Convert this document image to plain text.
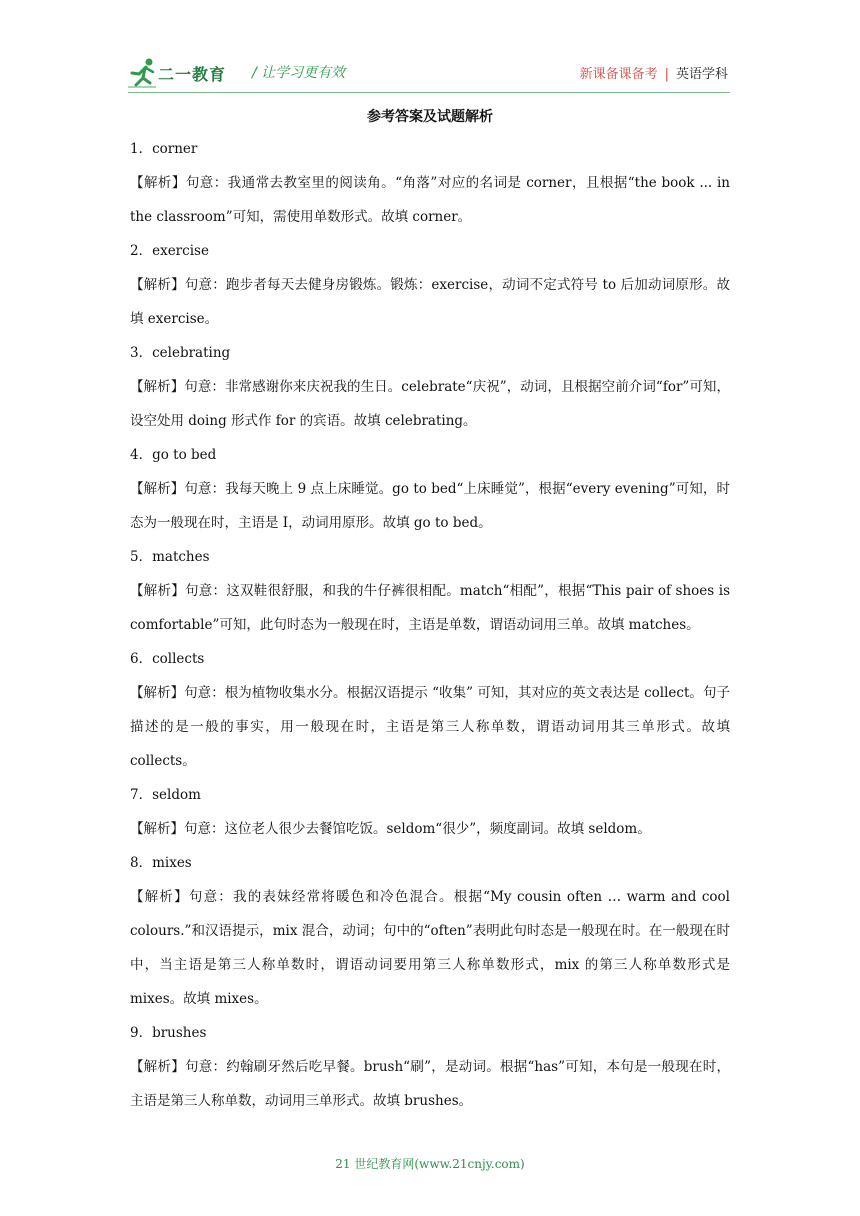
二一教育 / 让学习更有效	新课备课备考 | 英语学科
参考答案及试题解析

1．corner

【解析】句意：我通常去教室里的阅读角。“角落”对应的名词是 corner，且根据“the book ... in the classroom”可知，需使用单数形式。故填 corner。

2．exercise

【解析】句意：跑步者每天去健身房锻炼。锻炼：exercise，动词不定式符号 to 后加动词原形。故填 exercise。

3．celebrating

【解析】句意：非常感谢你来庆祝我的生日。celebrate“庆祝”，动词，且根据空前介词“for”可知，设空处用 doing 形式作 for 的宾语。故填 celebrating。

4．go to bed

【解析】句意：我每天晚上 9 点上床睡觉。go to bed“上床睡觉”，根据“every evening”可知，时态为一般现在时，主语是 I，动词用原形。故填 go to bed。

5．matches

【解析】句意：这双鞋很舒服，和我的牛仔裤很相配。match“相配”，根据“This pair of shoes is comfortable”可知，此句时态为一般现在时，主语是单数，谓语动词用三单。故填 matches。

6．collects

【解析】句意：根为植物收集水分。根据汉语提示 “收集” 可知，其对应的英文表达是 collect。句子描述的是一般的事实，用一般现在时，主语是第三人称单数，谓语动词用其三单形式。故填 collects。

7．seldom

【解析】句意：这位老人很少去餐馆吃饭。seldom“很少”，频度副词。故填 seldom。

8．mixes

【解析】句意：我的表妹经常将暖色和冷色混合。根据“My cousin often … warm and cool colours.”和汉语提示，mix 混合，动词；句中的“often”表明此句时态是一般现在时。在一般现在时中，当主语是第三人称单数时，谓语动词要用第三人称单数形式，mix 的第三人称单数形式是 mixes。故填 mixes。

9．brushes

【解析】句意：约翰刷牙然后吃早餐。brush“刷”，是动词。根据“has”可知，本句是一般现在时，主语是第三人称单数，动词用三单形式。故填 brushes。

21 世纪教育网(www.21cnjy.com)
